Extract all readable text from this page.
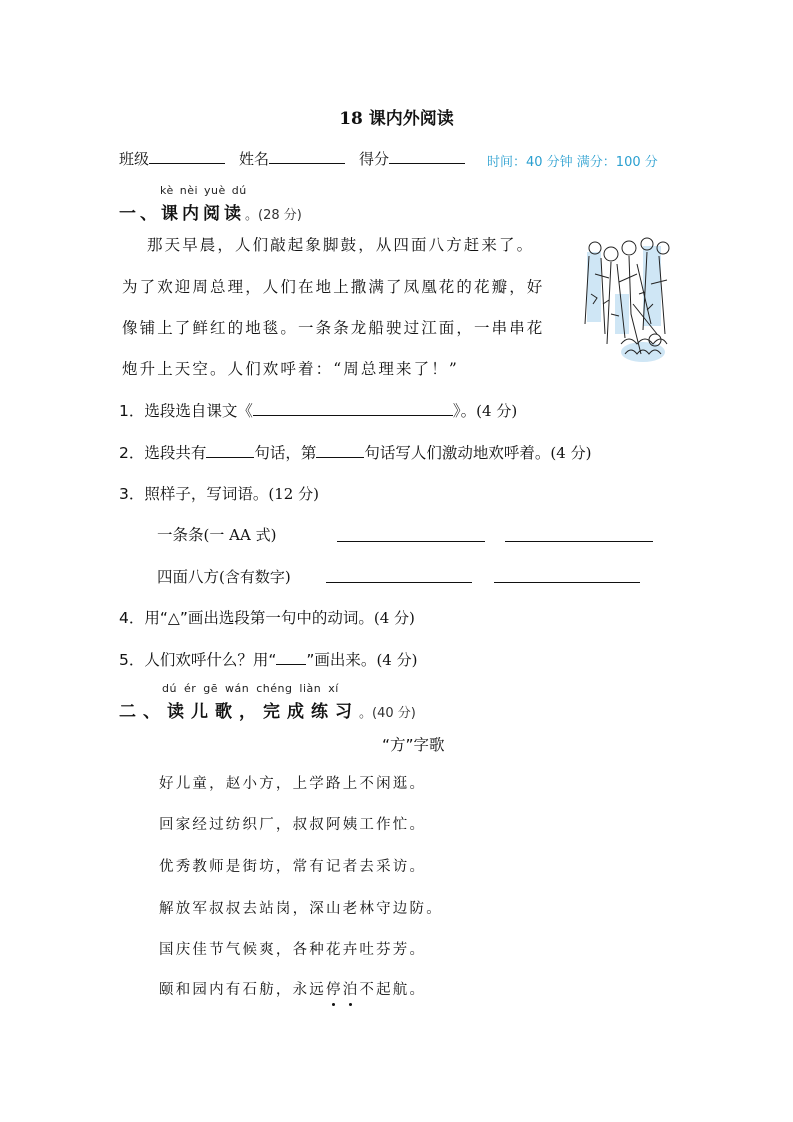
18 课内外阅读
班级	姓名	得分	时间：40 分钟 满分：100 分
kè nèi yuè dú
一、课内阅读。(28 分)
那天早晨，人们敲起象脚鼓，从四面八方赶来了。
为了欢迎周总理，人们在地上撒满了凤凰花的花瓣，好
像铺上了鲜红的地毯。一条条龙船驶过江面，一串串花
炮升上天空。人们欢呼着：“周总理来了！”
1．选段选自课文《	》。(4 分)
2．选段共有	句话，第	句话写人们激动地欢呼着。(4 分)
3．照样子，写词语。(12 分)
一条条(一 AA 式)
四面八方(含有数字)
4．用“△”画出选段第一句中的动词。(4 分)
5．人们欢呼什么？用“ ”画出来。(4 分)
dú ér gē wán chéng liàn xí
二、读儿歌，完成练习。(40 分)
“方”字歌
好儿童，赵小方，上学路上不闲逛。
回家经过纺织厂，叔叔阿姨工作忙。
优秀教师是街坊，常有记者去采访。
解放军叔叔去站岗，深山老林守边防。
国庆佳节气候爽，各种花卉吐芬芳。
颐和园内有石舫，永远停泊不起航。
